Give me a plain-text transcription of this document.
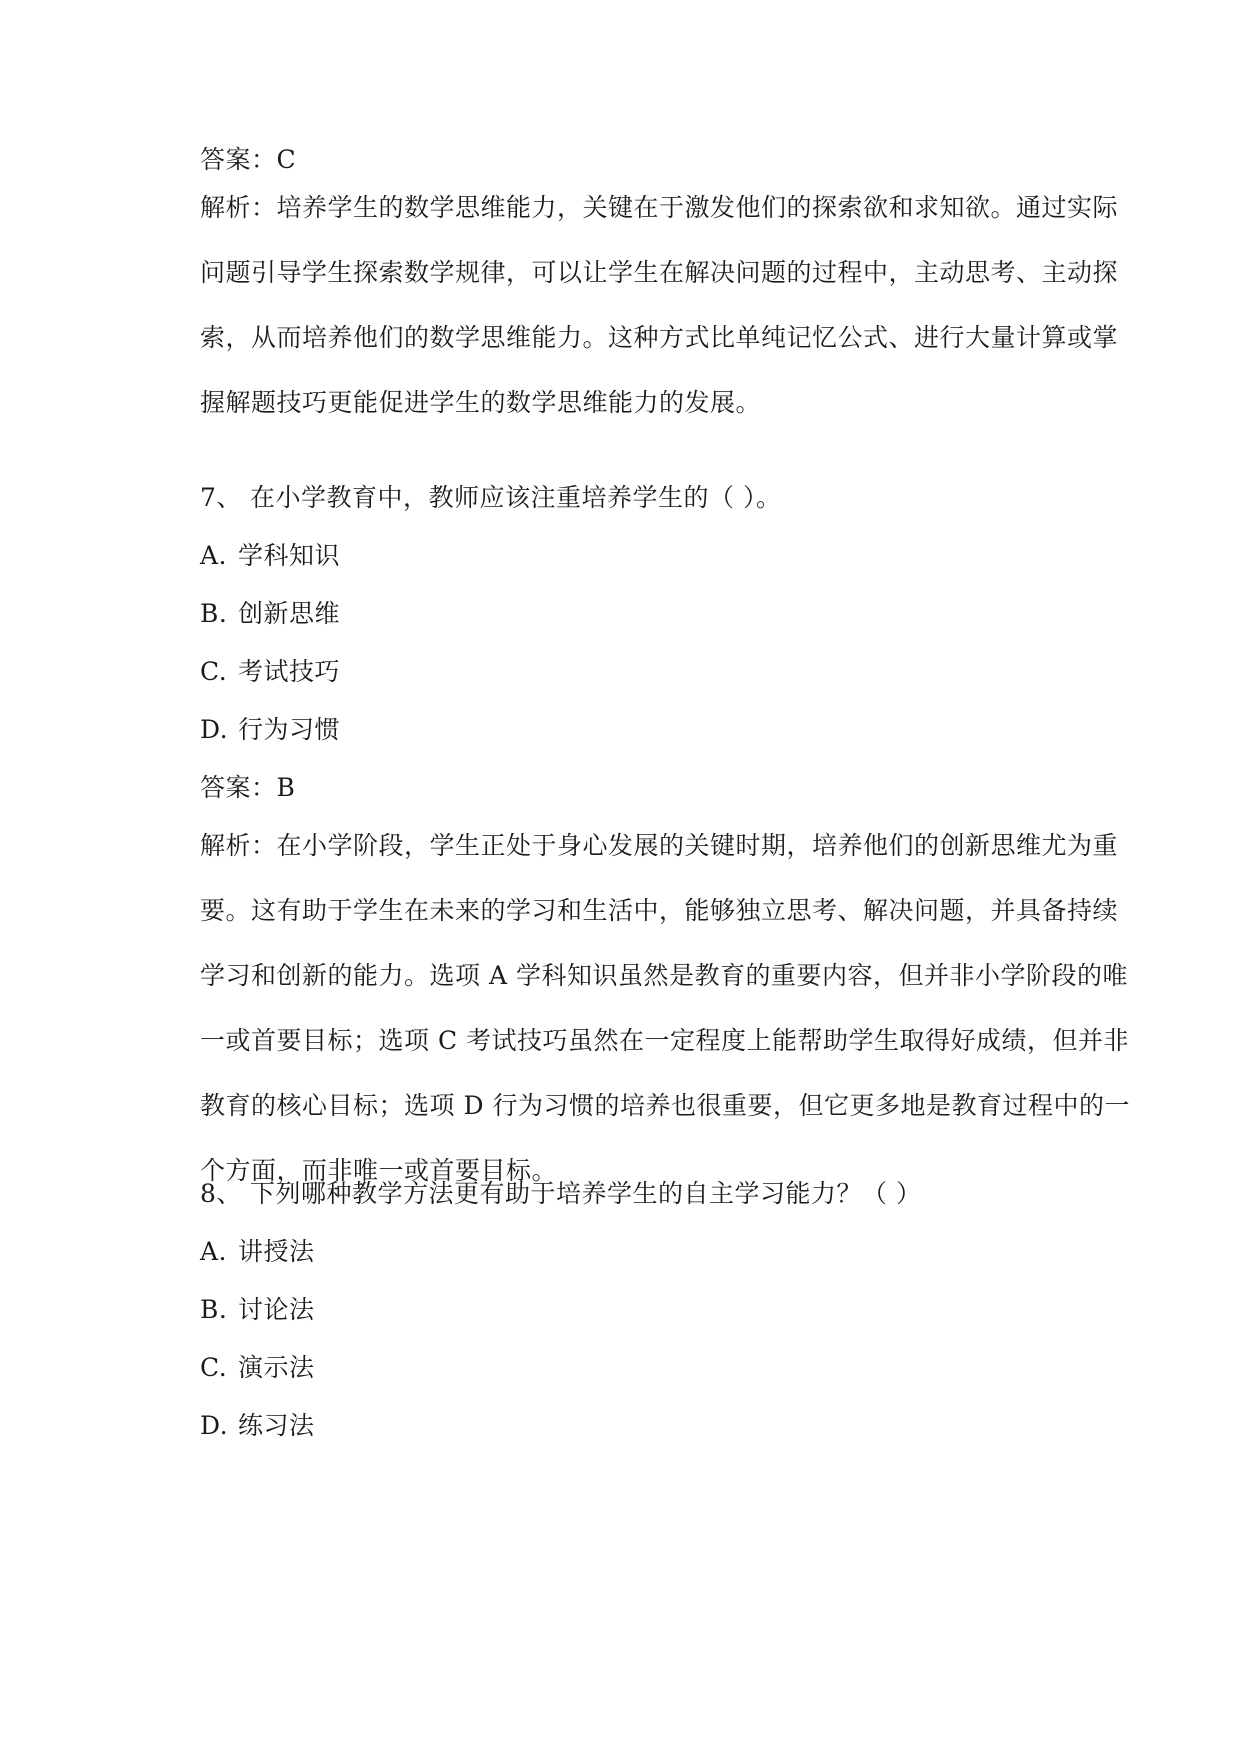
答案：C
解析：培养学生的数学思维能力，关键在于激发他们的探索欲和求知欲。通过实际
问题引导学生探索数学规律，可以让学生在解决问题的过程中，主动思考、主动探
索，从而培养他们的数学思维能力。这种方式比单纯记忆公式、进行大量计算或掌
握解题技巧更能促进学生的数学思维能力的发展。
7、 在小学教育中，教师应该注重培养学生的（ ）。
A. 学科知识
B. 创新思维
C. 考试技巧
D. 行为习惯
答案：B
解析：在小学阶段，学生正处于身心发展的关键时期，培养他们的创新思维尤为重
要。这有助于学生在未来的学习和生活中，能够独立思考、解决问题，并具备持续
学习和创新的能力。选项 A 学科知识虽然是教育的重要内容，但并非小学阶段的唯
一或首要目标；选项 C 考试技巧虽然在一定程度上能帮助学生取得好成绩，但并非
教育的核心目标；选项 D 行为习惯的培养也很重要，但它更多地是教育过程中的一
个方面，而非唯一或首要目标。
8、 下列哪种教学方法更有助于培养学生的自主学习能力？（ ）
A. 讲授法
B. 讨论法
C. 演示法
D. 练习法
